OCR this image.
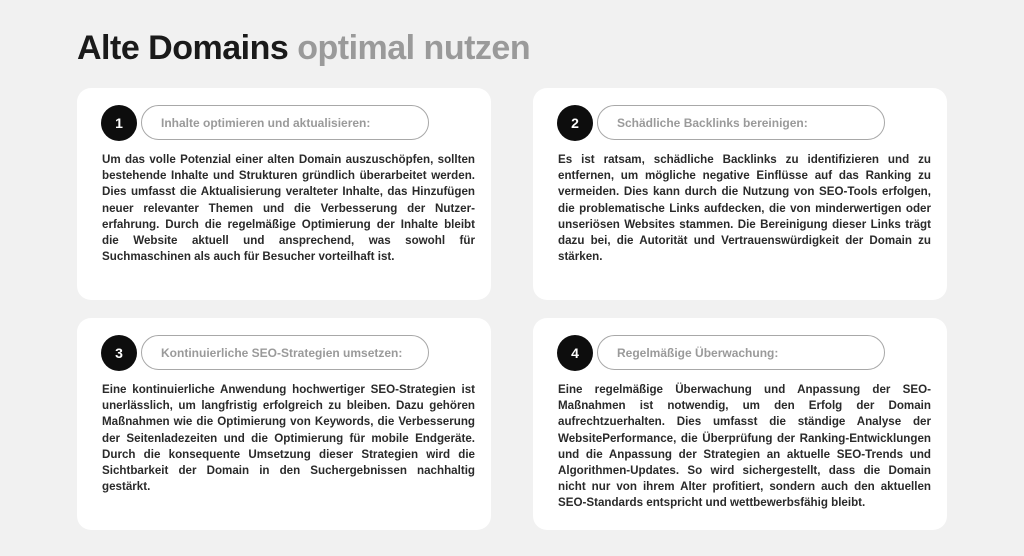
Alte Domains optimal nutzen
Inhalte optimieren und aktualisieren:
1

Um das volle Potenzial einer alten Domain auszuschöpfen, sollten bestehende Inhalte und Strukturen gründlich überarbeitet werden. Dies umfasst die Aktualisierung veralteter Inhalte, das Hinzufügen neuer relevanter Themen und die Verbesserung der Nutzererfahrung. Durch die regelmäßige Optimierung der Inhalte bleibt die Website aktuell und ansprechend, was sowohl für Suchmaschinen als auch für Besucher vorteilhaft ist.

Schädliche Backlinks bereinigen:
2

Es ist ratsam, schädliche Backlinks zu identifizieren und zu entfernen, um mögliche negative Einflüsse auf das Ranking zu vermeiden. Dies kann durch die Nutzung von SEO-Tools erfolgen, die problematische Links aufdecken, die von minderwertigen oder unseriösen Websites stammen. Die Bereinigung dieser Links trägt dazu bei, die Autorität und Vertrauenswürdigkeit der Domain zu stärken.

Kontinuierliche SEO-Strategien umsetzen:
3

Eine kontinuierliche Anwendung hochwertiger SEO-Strategien ist unerlässlich, um langfristig erfolgreich zu bleiben. Dazu gehören Maßnahmen wie die Optimierung von Keywords, die Verbesserung der Seitenladezeiten und die Optimierung für mobile Endgeräte. Durch die konsequente Umsetzung dieser Strategien wird die Sichtbarkeit der Domain in den Suchergebnissen nachhaltig gestärkt.

Regelmäßige Überwachung:
4

Eine regelmäßige Überwachung und Anpassung der SEO-Maßnahmen ist notwendig, um den Erfolg der Domain aufrechtzuerhalten. Dies umfasst die ständige Analyse der WebsitePerformance, die Überprüfung der Ranking-Entwicklungen und die Anpassung der Strategien an aktuelle SEO-Trends und Algorithmen-Updates. So wird sichergestellt, dass die Domain nicht nur von ihrem Alter profitiert, sondern auch den aktuellen SEO-Standards entspricht und wettbewerbsfähig bleibt.
